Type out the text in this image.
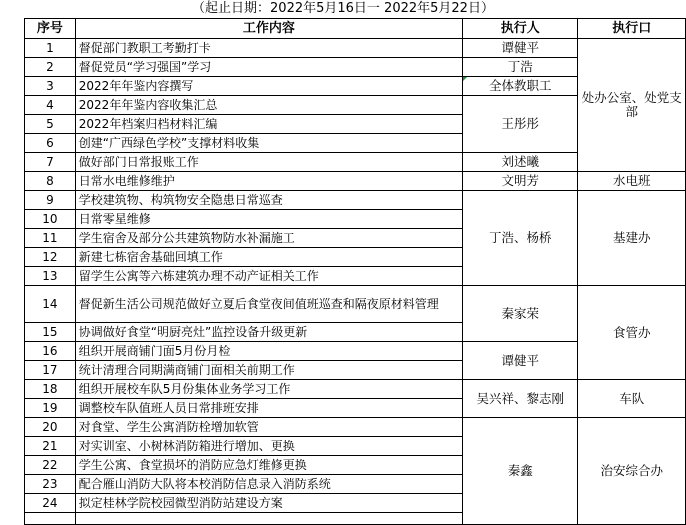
（起止日期：2022年5月16日一 2022年5月22日）
序号	工作内容	执行人	执行口
1	督促部门教职工考勤打卡	谭健平	处办公室、处党支部
2	督促党员“学习强国”学习	丁浩	
3	2022年年鉴内容撰写	全体教职工	
4	2022年年鉴内容收集汇总	王彤彤	
5	2022年档案归档材料汇编		
6	创建“广西绿色学校”支撑材料收集		
7	做好部门日常报账工作	刘述曦	
8	日常水电维修维护	文明芳	水电班
9	学校建筑物、构筑物安全隐患日常巡查	丁浩、杨桥	基建办
10	日常零星维修		
11	学生宿舍及部分公共建筑物防水补漏施工		
12	新建七栋宿舍基础回填工作		
13	留学生公寓等六栋建筑办理不动产证相关工作		
14	督促新生活公司规范做好立夏后食堂夜间值班巡查和隔夜原材料管理	秦家荣	食管办
15	协调做好食堂“明厨亮灶”监控设备升级更新		
16	组织开展商铺门面5月份月检	谭健平	
17	统计清理合同期满商铺门面相关前期工作		
18	组织开展校车队5月份集体业务学习工作	吴兴祥、黎志刚	车队
19	调整校车队值班人员日常排班安排		
20	对食堂、学生公寓消防栓增加软管	秦鑫	治安综合办
21	对实训室、小树林消防箱进行增加、更换		
22	学生公寓、食堂损坏的消防应急灯维修更换		
23	配合雁山消防大队将本校消防信息录入消防系统		
24	拟定桂林学院校园微型消防站建设方案		
